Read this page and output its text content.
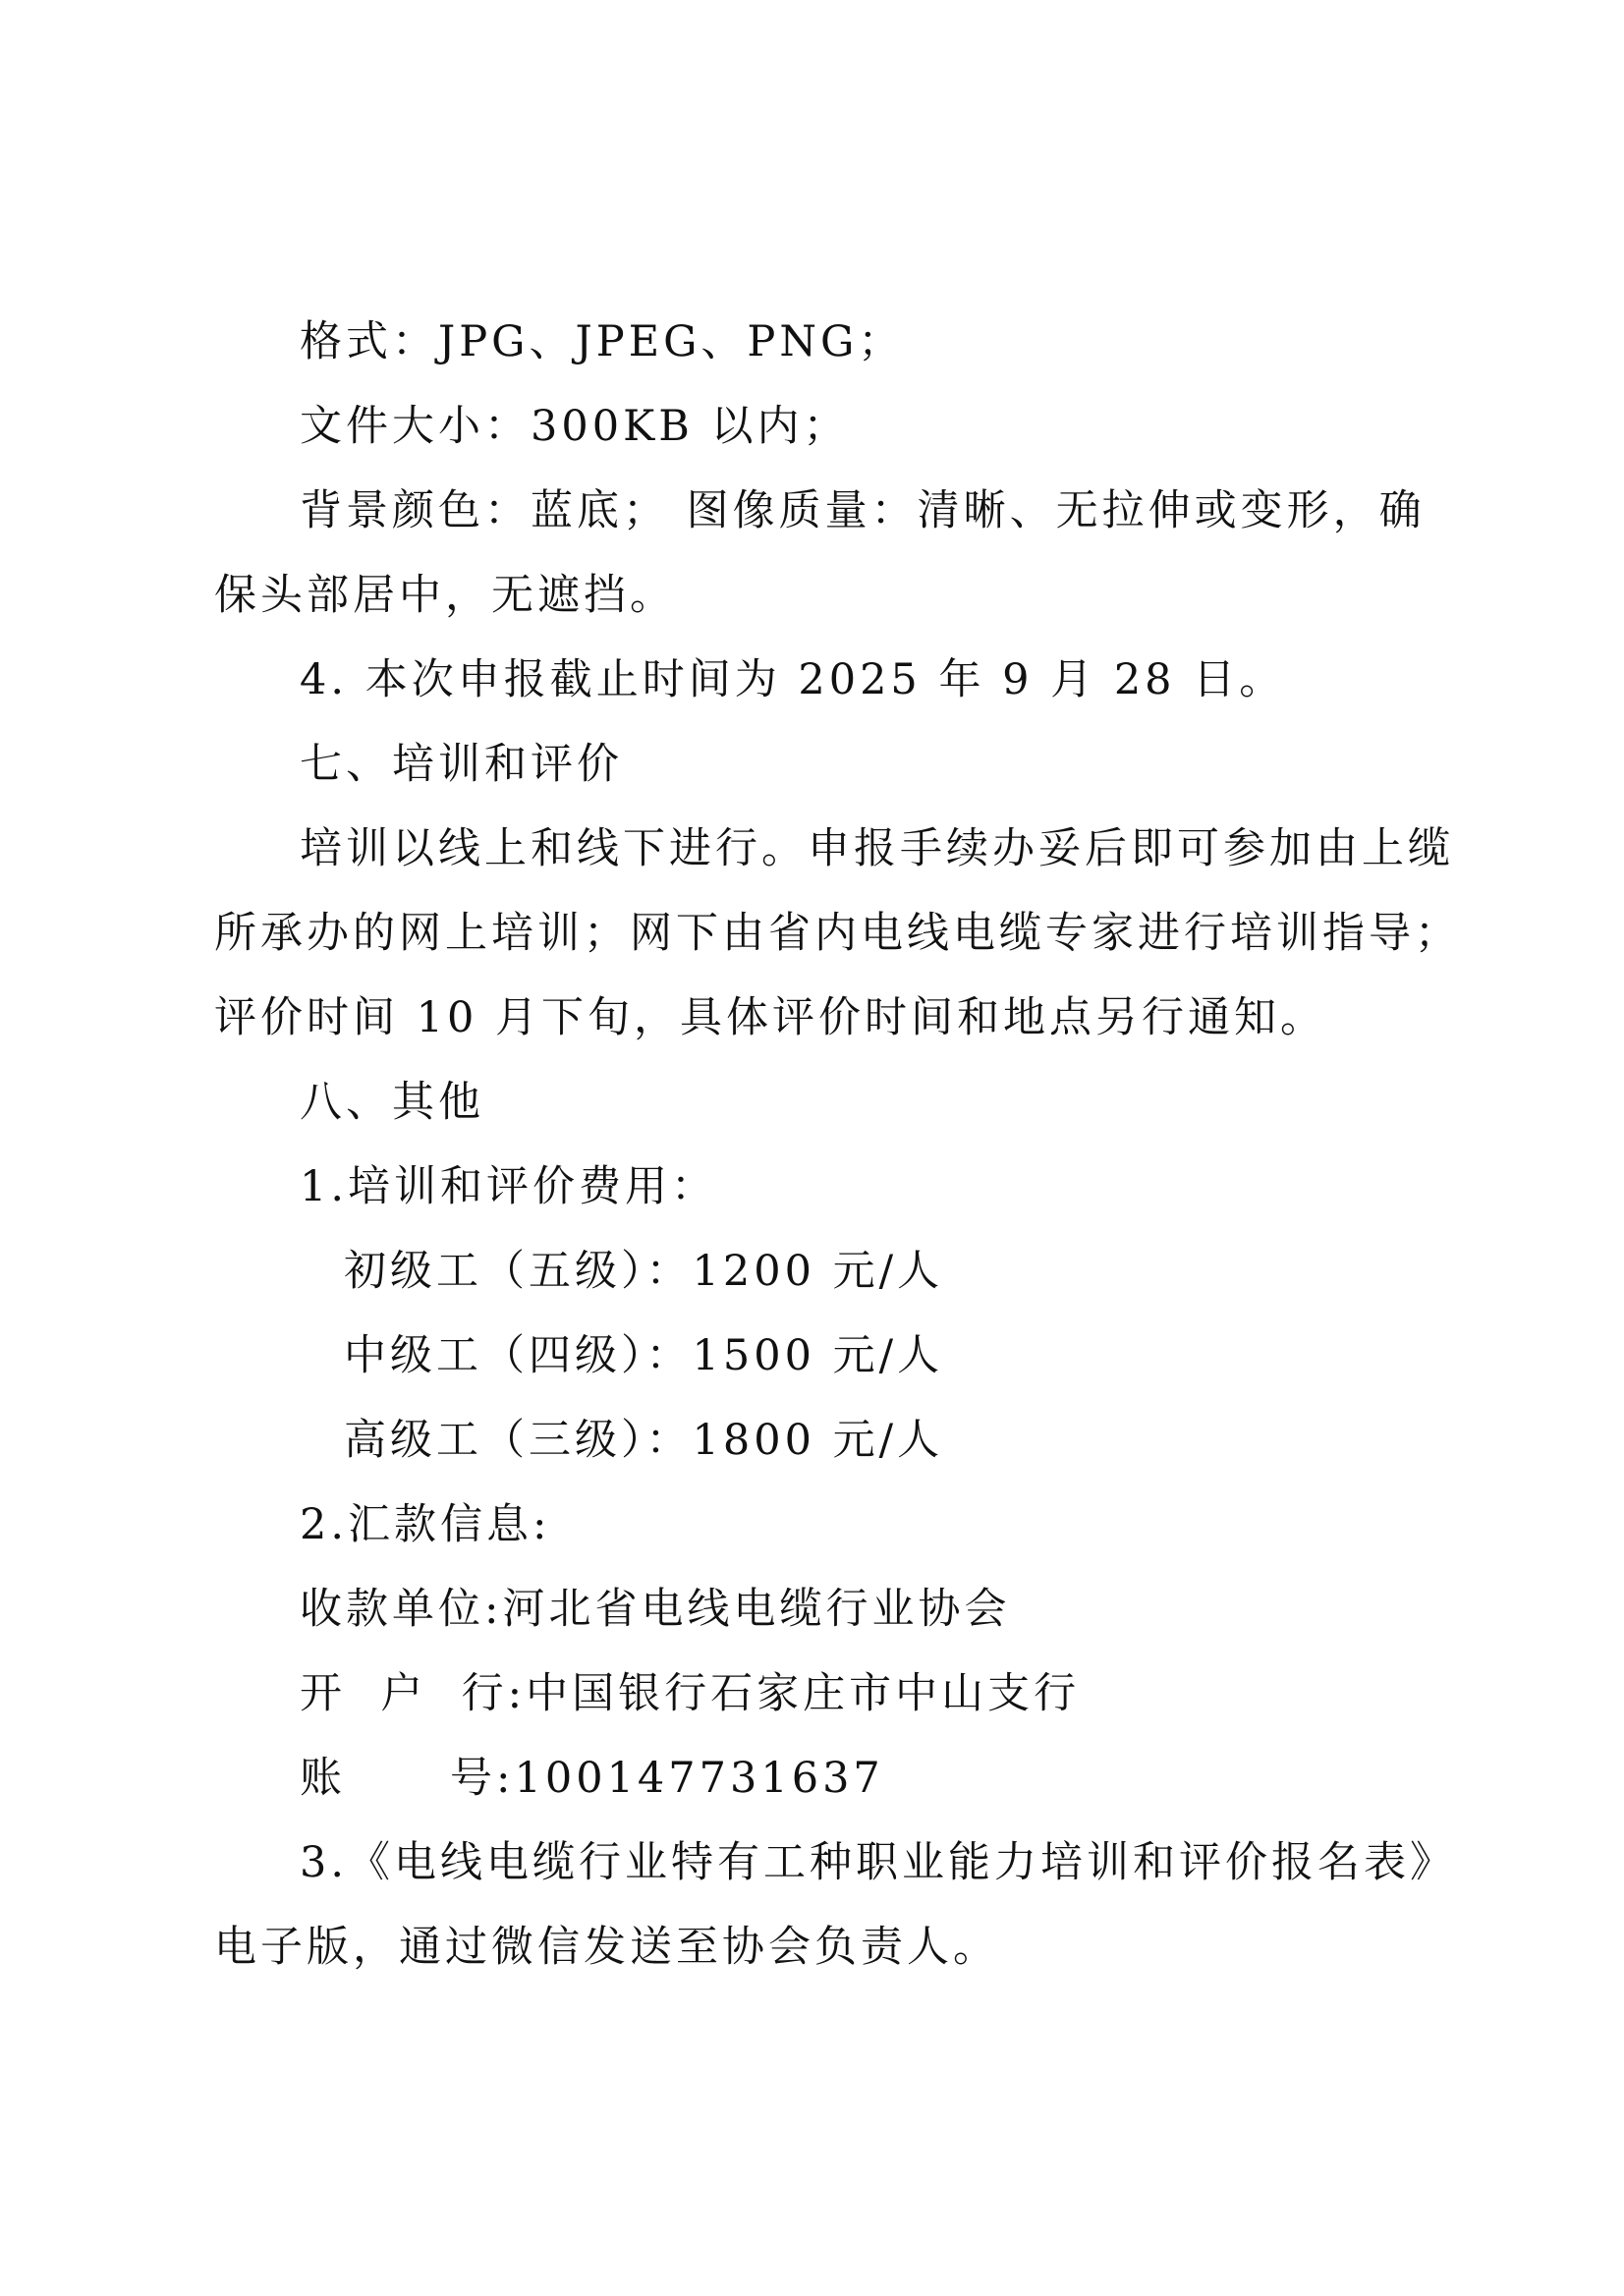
格式：JPG、JPEG、PNG；
文件大小：300KB 以内；
背景颜色：蓝底； 图像质量：清晰、无拉伸或变形，确
保头部居中，无遮挡。
4. 本次申报截止时间为 2025 年 9 月 28 日。
七、培训和评价
培训以线上和线下进行。申报手续办妥后即可参加由上缆
所承办的网上培训；网下由省内电线电缆专家进行培训指导；
评价时间 10 月下旬，具体评价时间和地点另行通知。
八、其他
1.培训和评价费用：
初级工（五级）：1200 元/人
中级工（四级）：1500 元/人
高级工（三级）：1800 元/人
2.汇款信息:
收款单位:河北省电线电缆行业协会
开  户  行:中国银行石家庄市中山支行
账      号:100147731637
3.《电线电缆行业特有工种职业能力培训和评价报名表》
电子版，通过微信发送至协会负责人。
